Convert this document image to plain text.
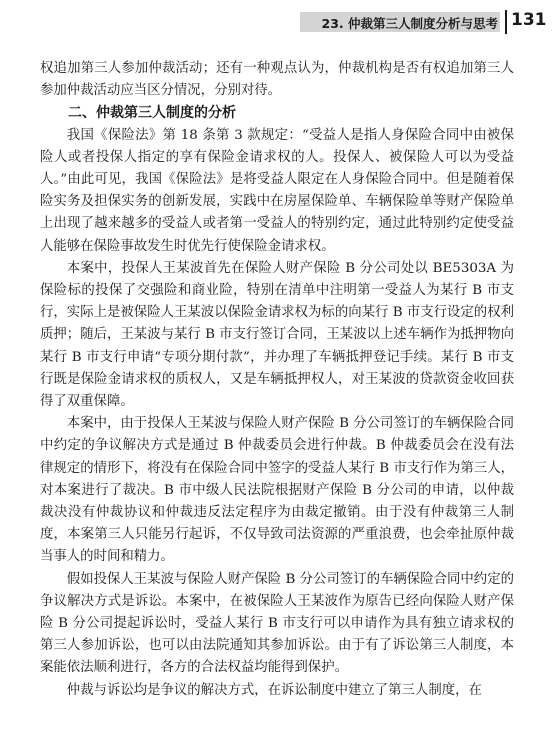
23. 仲裁第三人制度分析与思考 131

权追加第三人参加仲裁活动；还有一种观点认为，仲裁机构是否有权追加第三人参加仲裁活动应当区分情况，分别对待。

二、仲裁第三人制度的分析

我国《保险法》第 18 条第 3 款规定：“受益人是指人身保险合同中由被保险人或者投保人指定的享有保险金请求权的人。投保人、被保险人可以为受益人。”由此可见，我国《保险法》是将受益人限定在人身保险合同中。但是随着保险实务及担保实务的创新发展，实践中在房屋保险单、车辆保险单等财产保险单上出现了越来越多的受益人或者第一受益人的特别约定，通过此特别约定使受益人能够在保险事故发生时优先行使保险金请求权。

本案中，投保人王某波首先在保险人财产保险 B 分公司处以 BE5303A 为保险标的投保了交强险和商业险，特别在清单中注明第一受益人为某行 B 市支行，实际上是被保险人王某波以保险金请求权为标的向某行 B 市支行设定的权利质押；随后，王某波与某行 B 市支行签订合同，王某波以上述车辆作为抵押物向某行 B 市支行申请“专项分期付款”，并办理了车辆抵押登记手续。某行 B 市支行既是保险金请求权的质权人，又是车辆抵押权人，对王某波的贷款资金收回获得了双重保障。

本案中，由于投保人王某波与保险人财产保险 B 分公司签订的车辆保险合同中约定的争议解决方式是通过 B 仲裁委员会进行仲裁。B 仲裁委员会在没有法律规定的情形下，将没有在保险合同中签字的受益人某行 B 市支行作为第三人，对本案进行了裁决。B 市中级人民法院根据财产保险 B 分公司的申请，以仲裁裁决没有仲裁协议和仲裁违反法定程序为由裁定撤销。由于没有仲裁第三人制度，本案第三人只能另行起诉，不仅导致司法资源的严重浪费，也会牵扯原仲裁当事人的时间和精力。

假如投保人王某波与保险人财产保险 B 分公司签订的车辆保险合同中约定的争议解决方式是诉讼。本案中，在被保险人王某波作为原告已经向保险人财产保险 B 分公司提起诉讼时，受益人某行 B 市支行可以申请作为具有独立请求权的第三人参加诉讼，也可以由法院通知其参加诉讼。由于有了诉讼第三人制度，本案能依法顺利进行，各方的合法权益均能得到保护。

仲裁与诉讼均是争议的解决方式，在诉讼制度中建立了第三人制度，在
